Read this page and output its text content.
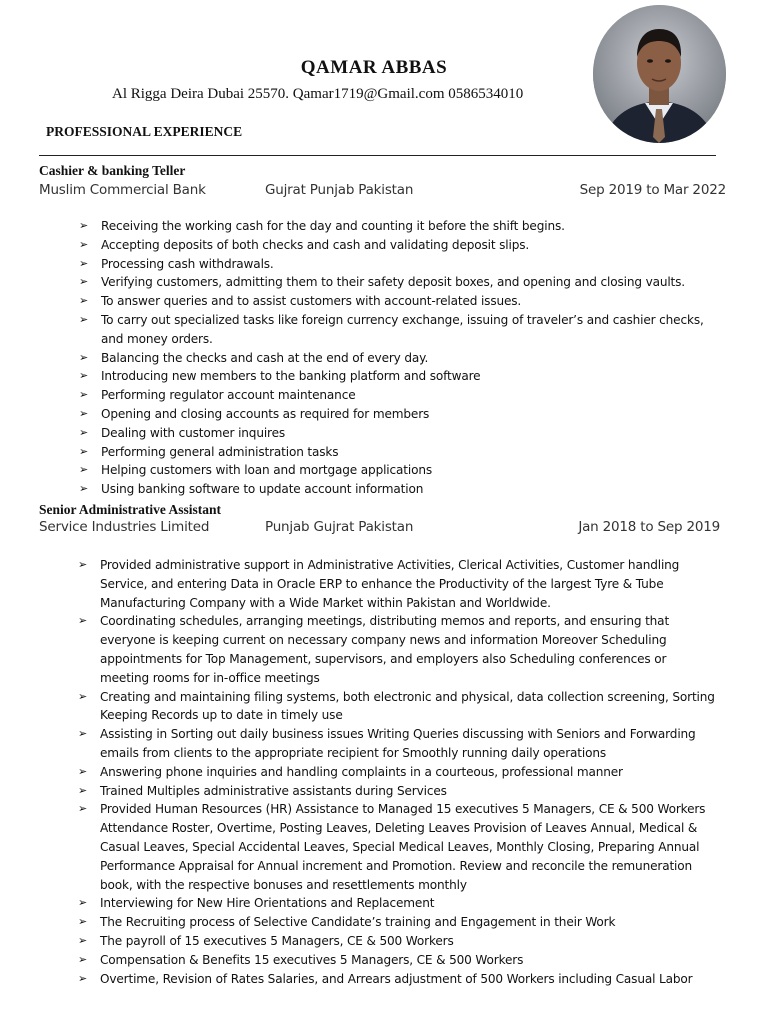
QAMAR ABBAS
Al Rigga Deira Dubai 25570. Qamar1719@Gmail.com 0586534010
PROFESSIONAL EXPERIENCE
Cashier & banking Teller
Muslim Commercial Bank	Gujrat Punjab Pakistan	Sep 2019 to Mar 2022
➢ Receiving the working cash for the day and counting it before the shift begins.
➢ Accepting deposits of both checks and cash and validating deposit slips.
➢ Processing cash withdrawals.
➢ Verifying customers, admitting them to their safety deposit boxes, and opening and closing vaults.
➢ To answer queries and to assist customers with account-related issues.
➢ To carry out specialized tasks like foreign currency exchange, issuing of traveler’s and cashier checks, and money orders.
➢ Balancing the checks and cash at the end of every day.
➢ Introducing new members to the banking platform and software
➢ Performing regulator account maintenance
➢ Opening and closing accounts as required for members
➢ Dealing with customer inquires
➢ Performing general administration tasks
➢ Helping customers with loan and mortgage applications
➢ Using banking software to update account information
Senior Administrative Assistant
Service Industries Limited	Punjab Gujrat Pakistan	Jan 2018 to Sep 2019
➢ Provided administrative support in Administrative Activities, Clerical Activities, Customer handling Service, and entering Data in Oracle ERP to enhance the Productivity of the largest Tyre & Tube Manufacturing Company with a Wide Market within Pakistan and Worldwide.
➢ Coordinating schedules, arranging meetings, distributing memos and reports, and ensuring that everyone is keeping current on necessary company news and information Moreover Scheduling appointments for Top Management, supervisors, and employers also Scheduling conferences or meeting rooms for in-office meetings
➢ Creating and maintaining filing systems, both electronic and physical, data collection screening, Sorting Keeping Records up to date in timely use
➢ Assisting in Sorting out daily business issues Writing Queries discussing with Seniors and Forwarding emails from clients to the appropriate recipient for Smoothly running daily operations
➢ Answering phone inquiries and handling complaints in a courteous, professional manner
➢ Trained Multiples administrative assistants during Services
➢ Provided Human Resources (HR) Assistance to Managed 15 executives 5 Managers, CE & 500 Workers Attendance Roster, Overtime, Posting Leaves, Deleting Leaves Provision of Leaves Annual, Medical & Casual Leaves, Special Accidental Leaves, Special Medical Leaves, Monthly Closing, Preparing Annual Performance Appraisal for Annual increment and Promotion. Review and reconcile the remuneration book, with the respective bonuses and resettlements monthly
➢ Interviewing for New Hire Orientations and Replacement
➢ The Recruiting process of Selective Candidate’s training and Engagement in their Work
➢ The payroll of 15 executives 5 Managers, CE & 500 Workers
➢ Compensation & Benefits 15 executives 5 Managers, CE & 500 Workers
➢ Overtime, Revision of Rates Salaries, and Arrears adjustment of 500 Workers including Casual Labor
